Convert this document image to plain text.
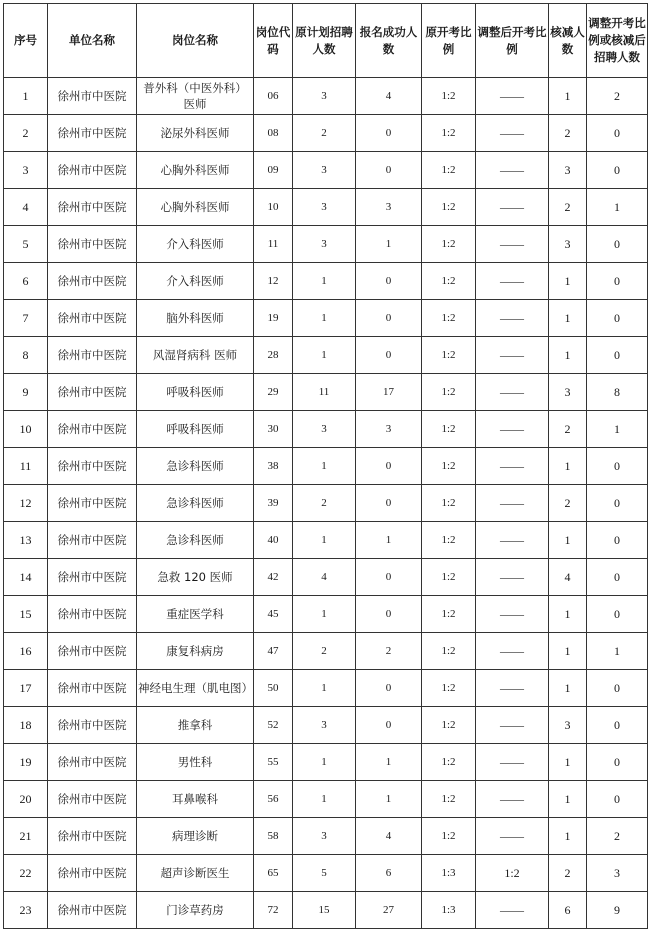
序号	单位名称	岗位名称	岗位代码	原计划招聘人数	报名成功人数	原开考比例	调整后开考比例	核减人数	调整开考比例或核减后招聘人数
1	徐州市中医院	普外科（中医外科）医师	06	3	4	1:2	——	1	2
2	徐州市中医院	泌尿外科医师	08	2	0	1:2	——	2	0
3	徐州市中医院	心胸外科医师	09	3	0	1:2	——	3	0
4	徐州市中医院	心胸外科医师	10	3	3	1:2	——	2	1
5	徐州市中医院	介入科医师	11	3	1	1:2	——	3	0
6	徐州市中医院	介入科医师	12	1	0	1:2	——	1	0
7	徐州市中医院	脑外科医师	19	1	0	1:2	——	1	0
8	徐州市中医院	风湿肾病科 医师	28	1	0	1:2	——	1	0
9	徐州市中医院	呼吸科医师	29	11	17	1:2	——	3	8
10	徐州市中医院	呼吸科医师	30	3	3	1:2	——	2	1
11	徐州市中医院	急诊科医师	38	1	0	1:2	——	1	0
12	徐州市中医院	急诊科医师	39	2	0	1:2	——	2	0
13	徐州市中医院	急诊科医师	40	1	1	1:2	——	1	0
14	徐州市中医院	急救 120 医师	42	4	0	1:2	——	4	0
15	徐州市中医院	重症医学科	45	1	0	1:2	——	1	0
16	徐州市中医院	康复科病房	47	2	2	1:2	——	1	1
17	徐州市中医院	神经电生理（肌电图）	50	1	0	1:2	——	1	0
18	徐州市中医院	推拿科	52	3	0	1:2	——	3	0
19	徐州市中医院	男性科	55	1	1	1:2	——	1	0
20	徐州市中医院	耳鼻喉科	56	1	1	1:2	——	1	0
21	徐州市中医院	病理诊断	58	3	4	1:2	——	1	2
22	徐州市中医院	超声诊断医生	65	5	6	1:3	1:2	2	3
23	徐州市中医院	门诊草药房	72	15	27	1:3	——	6	9
